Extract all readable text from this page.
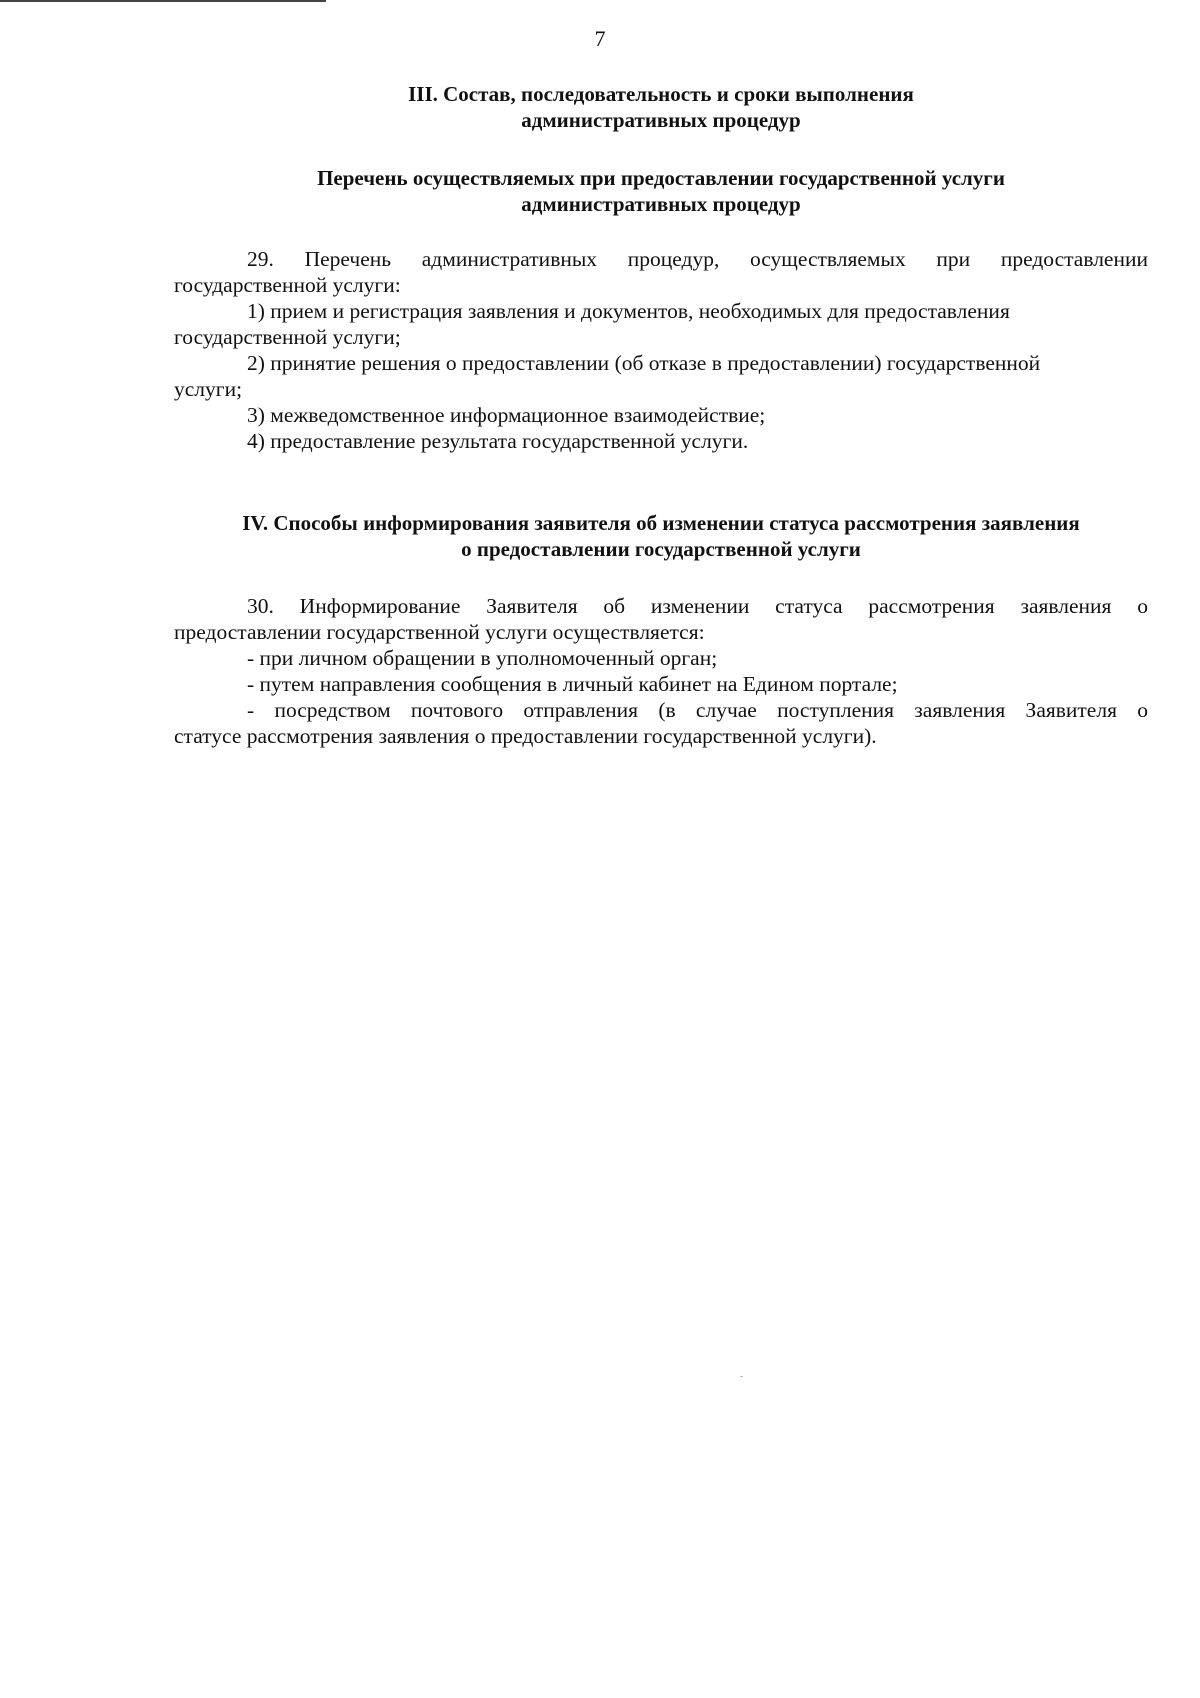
7
III. Состав, последовательность и сроки выполнения
административных процедур
Перечень осуществляемых при предоставлении государственной услуги
административных процедур
29. Перечень административных процедур, осуществляемых при предоставлении
государственной услуги:
1) прием и регистрация заявления и документов, необходимых для предоставления
государственной услуги;
2) принятие решения о предоставлении (об отказе в предоставлении) государственной
услуги;
3) межведомственное информационное взаимодействие;
4) предоставление результата государственной услуги.
IV. Способы информирования заявителя об изменении статуса рассмотрения заявления
о предоставлении государственной услуги
30. Информирование Заявителя об изменении статуса рассмотрения заявления о
предоставлении государственной услуги осуществляется:
- при личном обращении в уполномоченный орган;
- путем направления сообщения в личный кабинет на Едином портале;
- посредством почтового отправления (в случае поступления заявления Заявителя о
статусе рассмотрения заявления о предоставлении государственной услуги).
